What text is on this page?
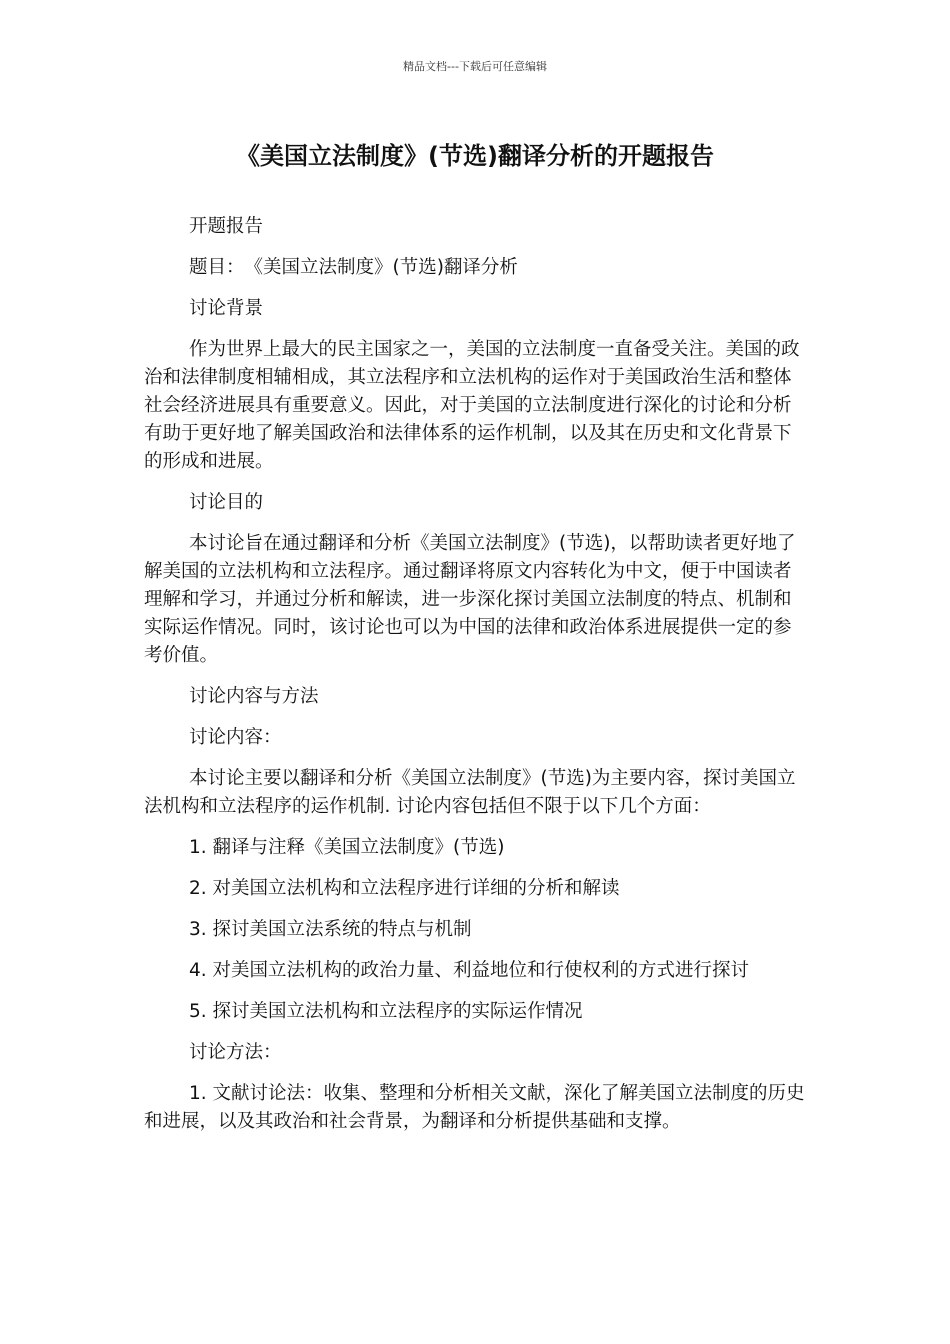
精品文档---下载后可任意编辑
《美国立法制度》(节选)翻译分析的开题报告

开题报告

题目：　《美国立法制度》(节选)翻译分析

讨论背景

作为世界上最大的民主国家之一，美国的立法制度一直备受关注。美国的政治和法律制度相辅相成，其立法程序和立法机构的运作对于美国政治生活和整体社会经济进展具有重要意义。因此，对于美国的立法制度进行深化的讨论和分析有助于更好地了解美国政治和法律体系的运作机制，以及其在历史和文化背景下的形成和进展。

讨论目的

本讨论旨在通过翻译和分析《美国立法制度》(节选)，以帮助读者更好地了解美国的立法机构和立法程序。通过翻译将原文内容转化为中文，便于中国读者理解和学习，并通过分析和解读，进一步深化探讨美国立法制度的特点、机制和实际运作情况。同时，该讨论也可以为中国的法律和政治体系进展提供一定的参考价值。

讨论内容与方法

讨论内容：

本讨论主要以翻译和分析《美国立法制度》(节选)为主要内容，探讨美国立法机构和立法程序的运作机制. 讨论内容包括但不限于以下几个方面：

1. 翻译与注释《美国立法制度》(节选)

2. 对美国立法机构和立法程序进行详细的分析和解读

3. 探讨美国立法系统的特点与机制

4. 对美国立法机构的政治力量、利益地位和行使权利的方式进行探讨

5. 探讨美国立法机构和立法程序的实际运作情况

讨论方法：

1. 文献讨论法：收集、整理和分析相关文献，深化了解美国立法制度的历史和进展，以及其政治和社会背景，为翻译和分析提供基础和支撑。
